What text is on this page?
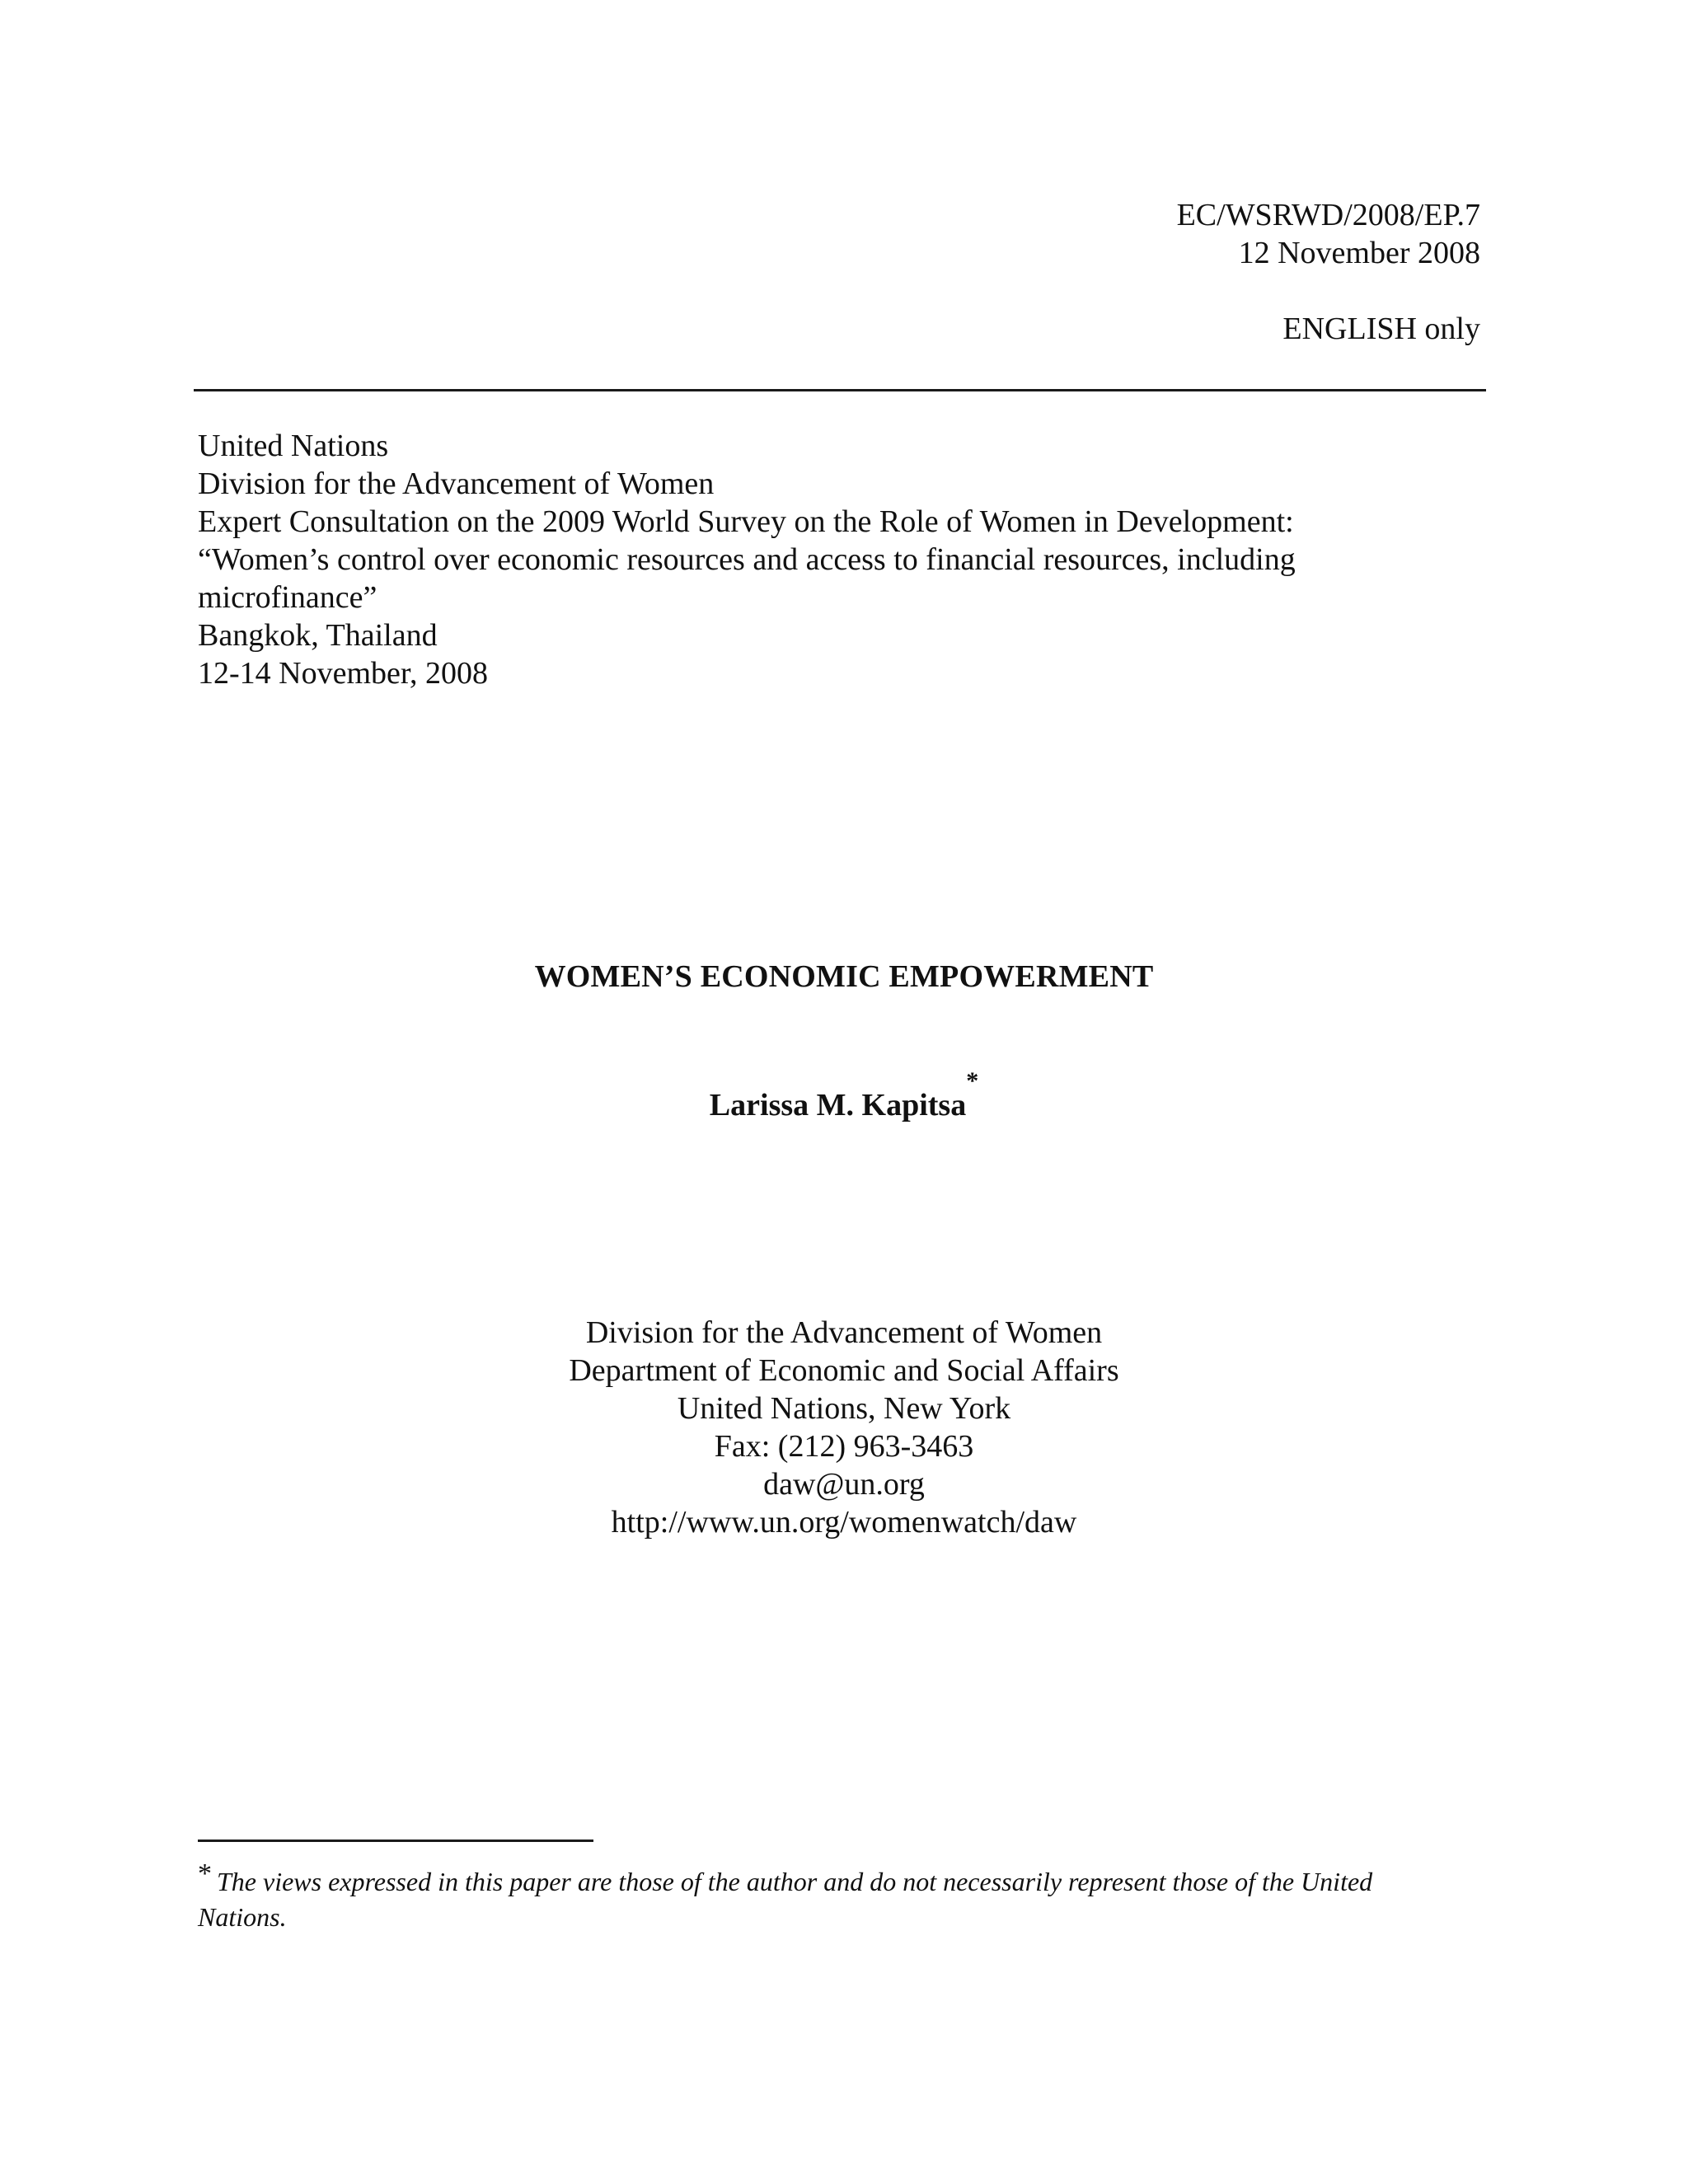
EC/WSRWD/2008/EP.7
12 November 2008
ENGLISH only
United Nations
Division for the Advancement of Women
Expert Consultation on the 2009 World Survey on the Role of Women in Development:
“Women’s control over economic resources and access to financial resources, including
microfinance”
Bangkok, Thailand
12-14 November, 2008
WOMEN’S ECONOMIC EMPOWERMENT
Larissa M. Kapitsa*
Division for the Advancement of Women
Department of Economic and Social Affairs
United Nations, New York
Fax: (212) 963-3463
daw@un.org
http://www.un.org/womenwatch/daw
* The views expressed in this paper are those of the author and do not necessarily represent those of the United Nations.
